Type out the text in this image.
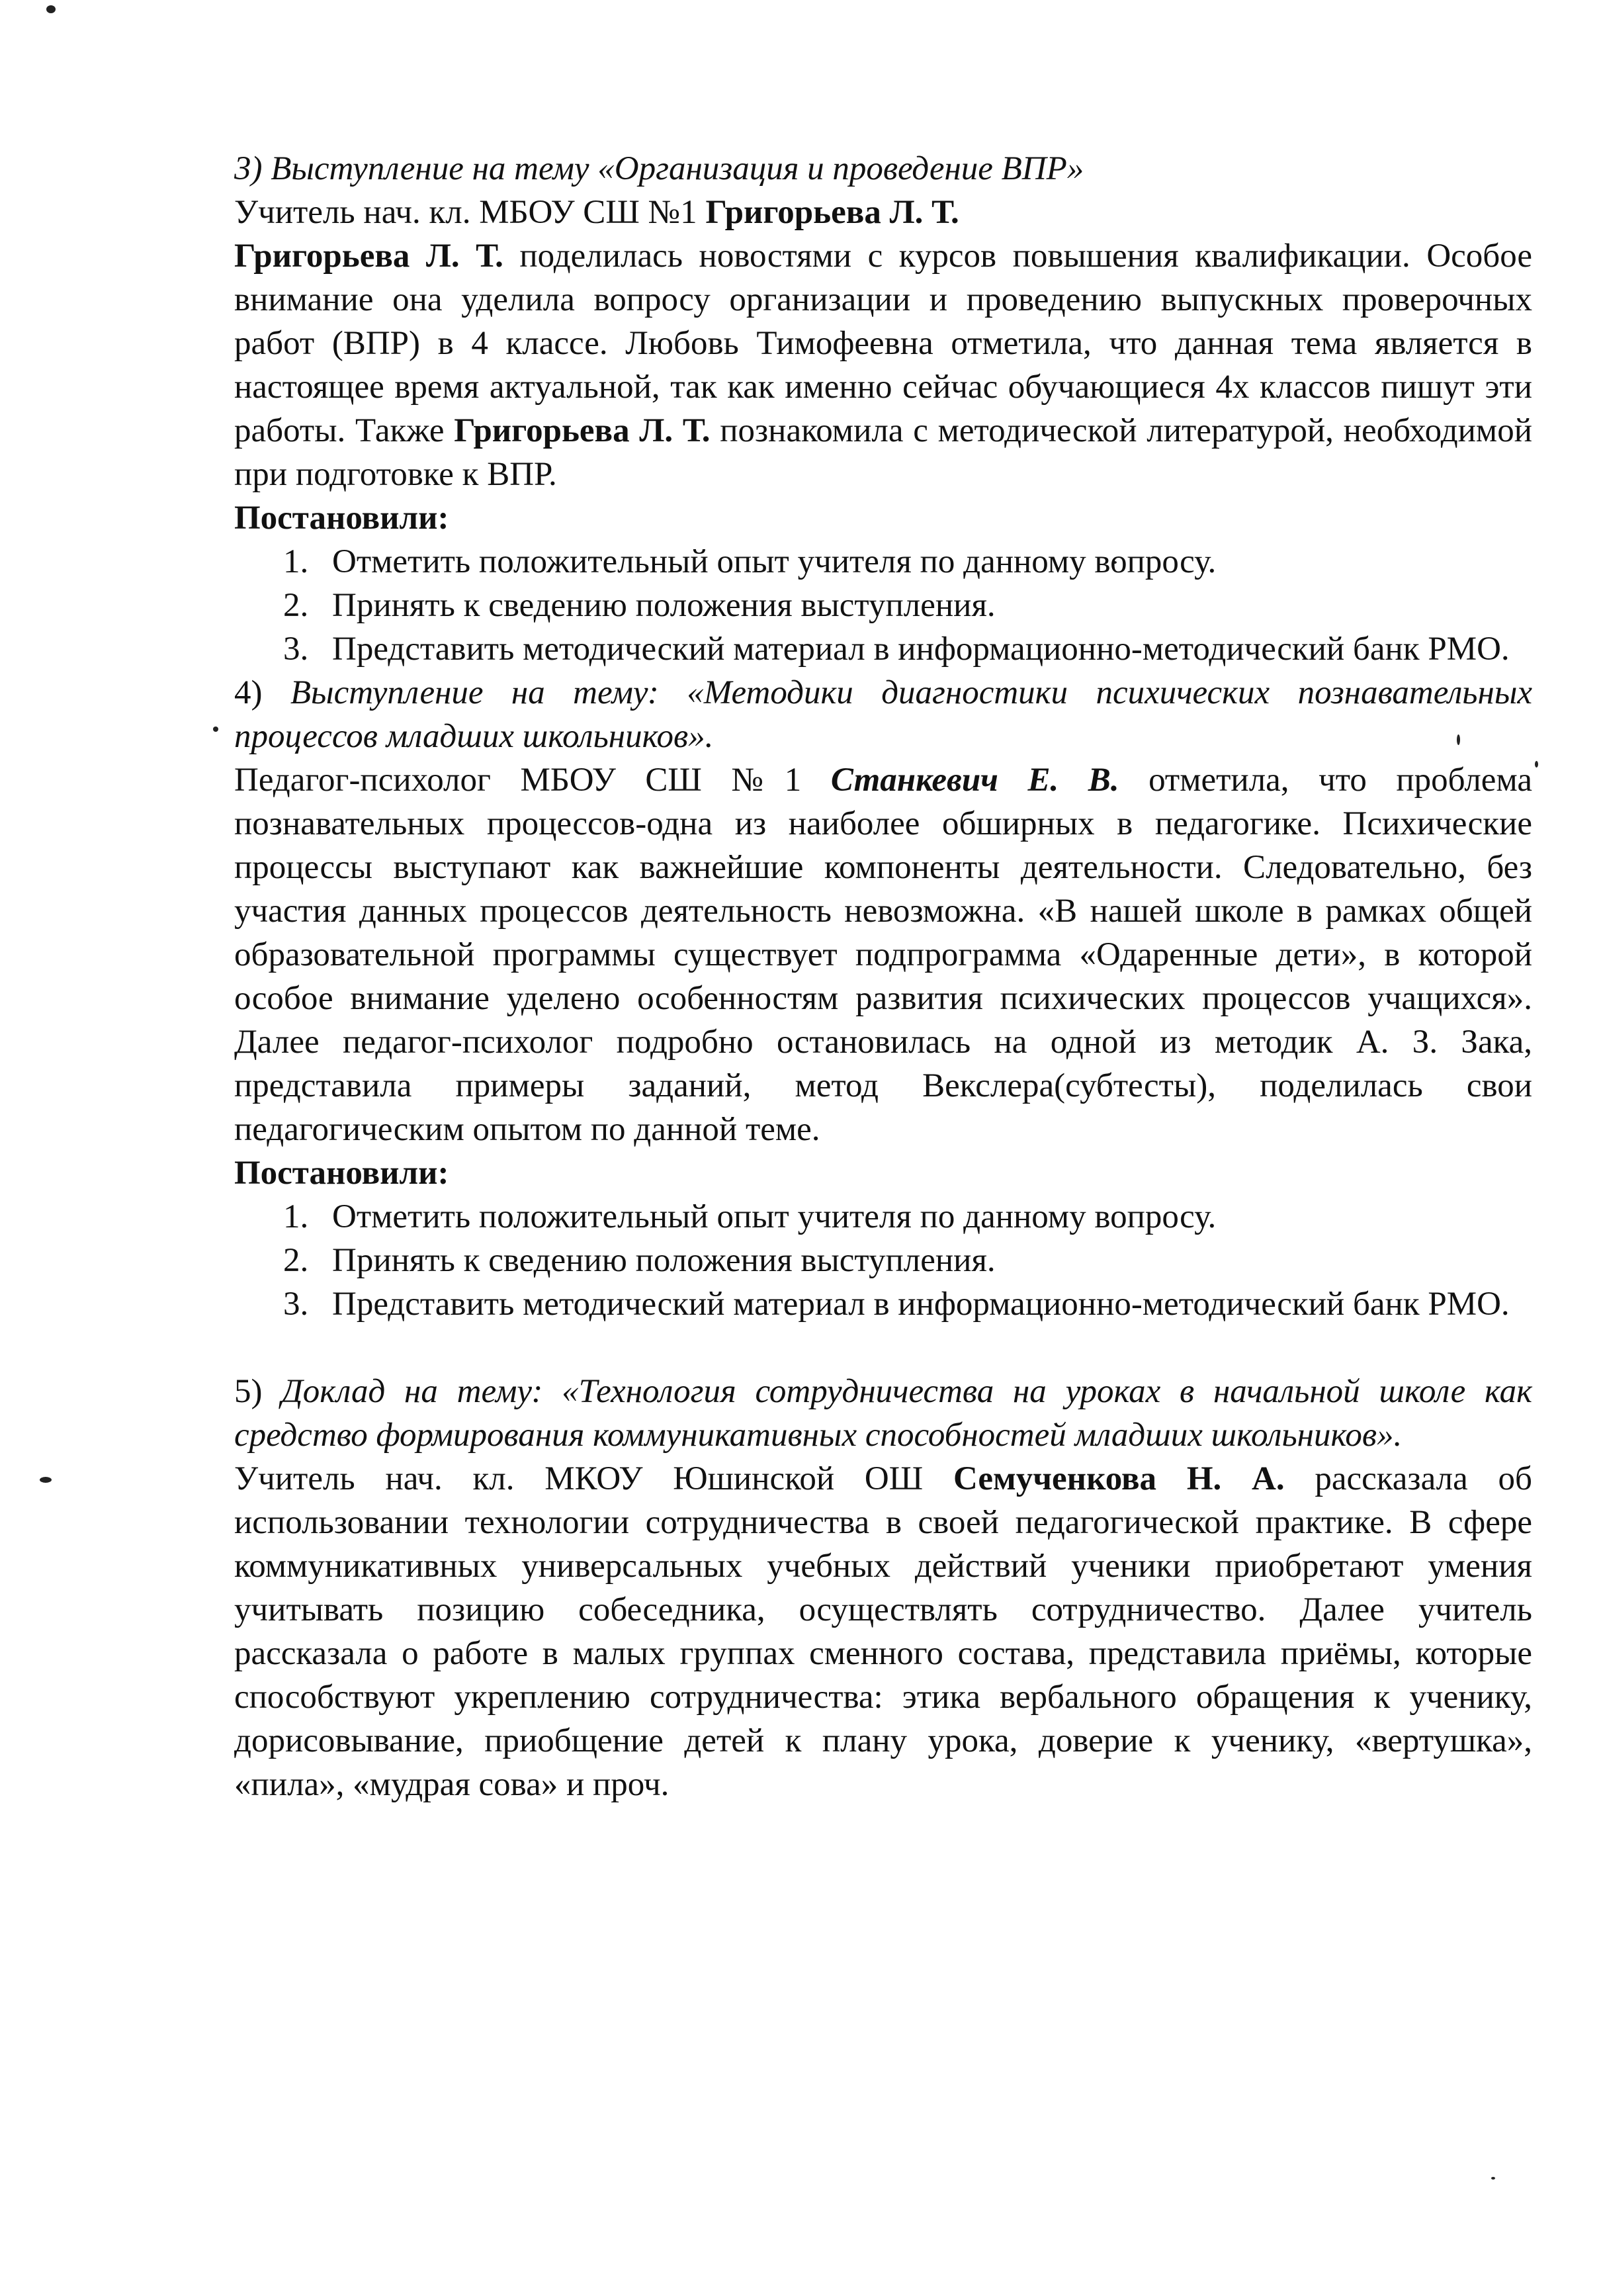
3) Выступление на тему «Организация и проведение ВПР»

Учитель нач. кл. МБОУ СШ №1 Григорьева Л. Т.

Григорьева Л. Т. поделилась новостями с курсов повышения квалификации. Особое внимание она уделила вопросу организации и проведению выпускных проверочных работ (ВПР) в 4 классе. Любовь Тимофеевна отметила, что данная тема является в настоящее время актуальной, так как именно сейчас обучающиеся 4х классов пишут эти работы. Также Григорьева Л. Т. познакомила с методической литературой, необходимой при подготовке к ВПР.

Постановили:

1. Отметить положительный опыт учителя по данному вопросу.
2. Принять к сведению положения выступления.
3. Представить методический материал в информационно-методический банк РМО.

4) Выступление на тему: «Методики диагностики психических познавательных процессов младших школьников».

Педагог-психолог МБОУ СШ №1 Станкевич Е. В. отметила, что проблема познавательных процессов-одна из наиболее обширных в педагогике. Психические процессы выступают как важнейшие компоненты деятельности. Следовательно, без участия данных процессов деятельность невозможна. «В нашей школе в рамках общей образовательной программы существует подпрограмма «Одаренные дети», в которой особое внимание уделено особенностям развития психических процессов учащихся». Далее педагог-психолог подробно остановилась на одной из методик А. З. Зака, представила примеры заданий, метод Векслера(субтесты), поделилась свои педагогическим опытом по данной теме.

Постановили:

1. Отметить положительный опыт учителя по данному вопросу.
2. Принять к сведению положения выступления.
3. Представить методический материал в информационно-методический банк РМО.

5) Доклад на тему: «Технология сотрудничества на уроках в начальной школе как средство формирования коммуникативных способностей младших школьников».

Учитель нач. кл. МКОУ Юшинской ОШ Семученкова Н. А. рассказала об использовании технологии сотрудничества в своей педагогической практике. В сфере коммуникативных универсальных учебных действий ученики приобретают умения учитывать позицию собеседника, осуществлять сотрудничество. Далее учитель рассказала о работе в малых группах сменного состава, представила приёмы, которые способствуют укреплению сотрудничества: этика вербального обращения к ученику, дорисовывание, приобщение детей к плану урока, доверие к ученику, «вертушка», «пила», «мудрая сова» и проч.
